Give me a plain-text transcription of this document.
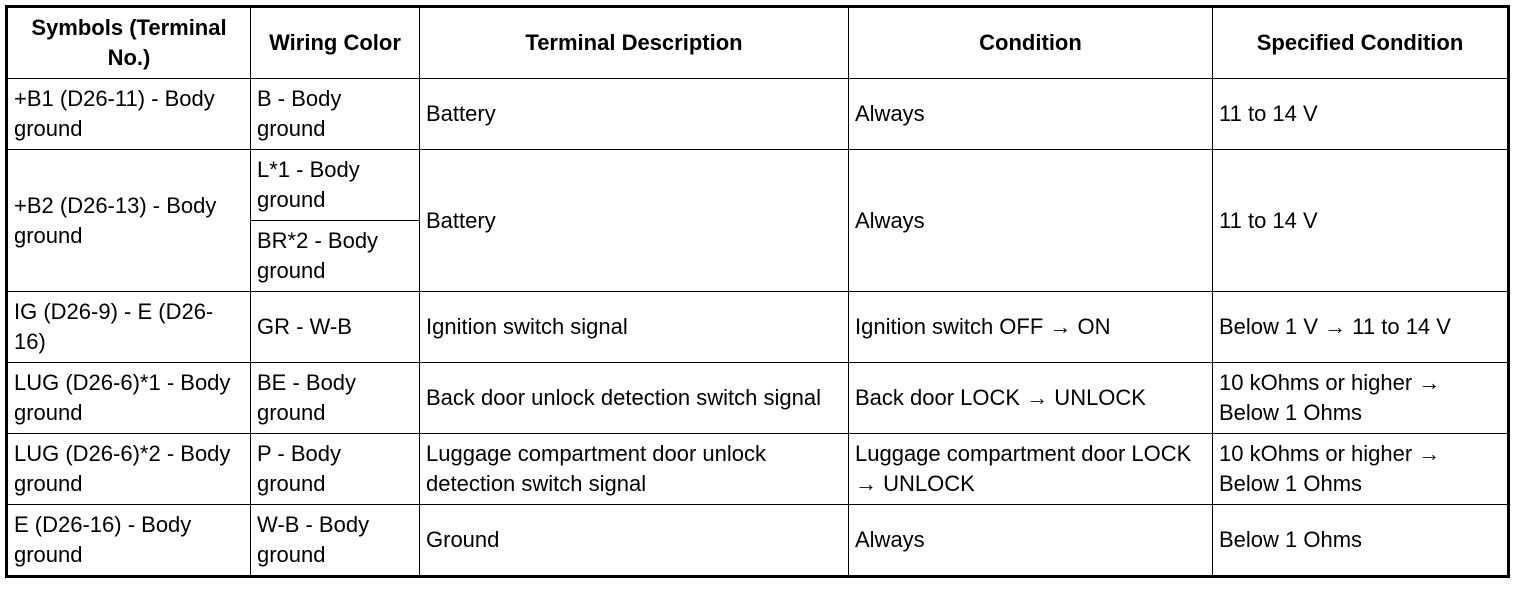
Symbols (Terminal No.)	Wiring Color	Terminal Description	Condition	Specified Condition
+B1 (D26-11) - Body ground	B - Body ground	Battery	Always	11 to 14 V
+B2 (D26-13) - Body ground	L*1 - Body ground	Battery	Always	11 to 14 V
	BR*2 - Body ground			
IG (D26-9) - E (D26-16)	GR - W-B	Ignition switch signal	Ignition switch OFF → ON	Below 1 V → 11 to 14 V
LUG (D26-6)*1 - Body ground	BE - Body ground	Back door unlock detection switch signal	Back door LOCK → UNLOCK	10 kOhms or higher → Below 1 Ohms
LUG (D26-6)*2 - Body ground	P - Body ground	Luggage compartment door unlock detection switch signal	Luggage compartment door LOCK → UNLOCK	10 kOhms or higher → Below 1 Ohms
E (D26-16) - Body ground	W-B - Body ground	Ground	Always	Below 1 Ohms
